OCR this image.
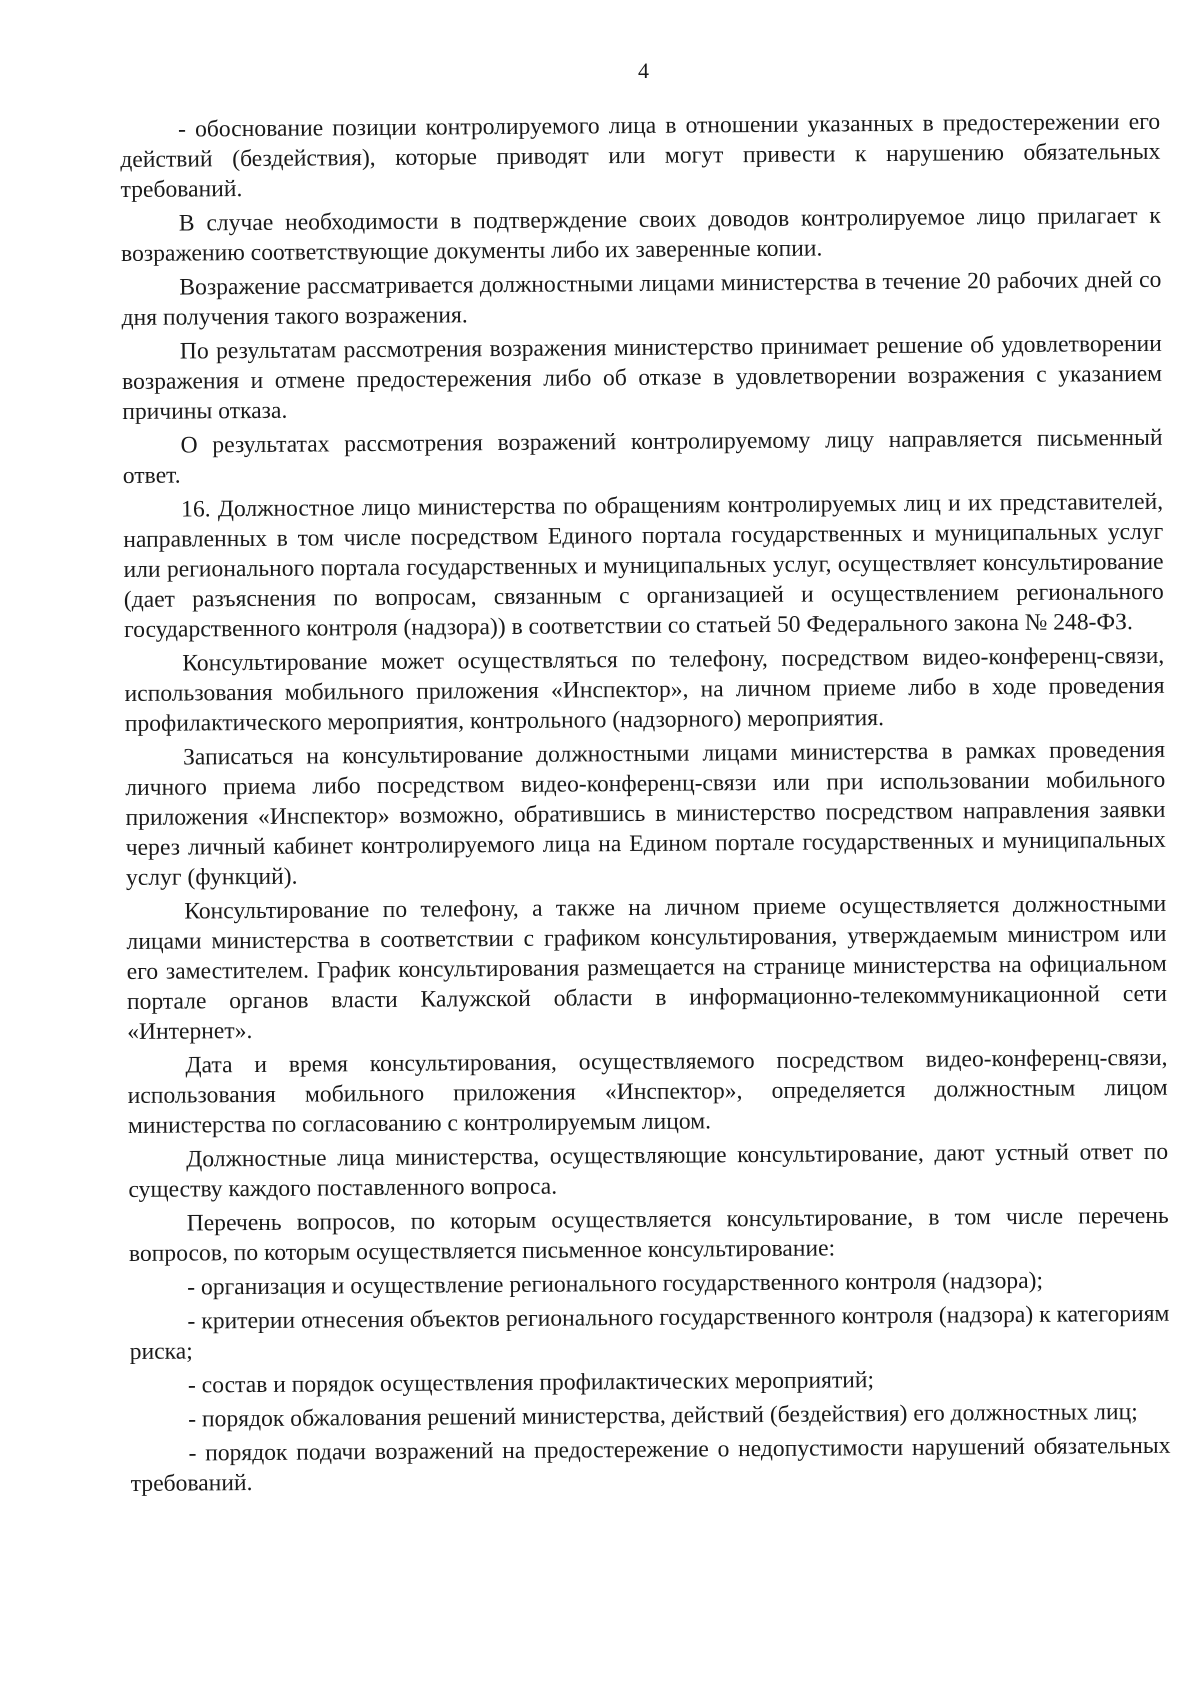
4

- обоснование позиции контролируемого лица в отношении указанных в предостережении его действий (бездействия), которые приводят или могут привести к нарушению обязательных требований.

В случае необходимости в подтверждение своих доводов контролируемое лицо прилагает к возражению соответствующие документы либо их заверенные копии.

Возражение рассматривается должностными лицами министерства в течение 20 рабочих дней со дня получения такого возражения.

По результатам рассмотрения возражения министерство принимает решение об удовлетворении возражения и отмене предостережения либо об отказе в удовлетворении возражения с указанием причины отказа.

О результатах рассмотрения возражений контролируемому лицу направляется письменный ответ.

16. Должностное лицо министерства по обращениям контролируемых лиц и их представителей, направленных в том числе посредством Единого портала государственных и муниципальных услуг или регионального портала государственных и муниципальных услуг, осуществляет консультирование (дает разъяснения по вопросам, связанным с организацией и осуществлением регионального государственного контроля (надзора)) в соответствии со статьей 50 Федерального закона № 248-ФЗ.

Консультирование может осуществляться по телефону, посредством видео-конференц-связи, использования мобильного приложения «Инспектор», на личном приеме либо в ходе проведения профилактического мероприятия, контрольного (надзорного) мероприятия.

Записаться на консультирование должностными лицами министерства в рамках проведения личного приема либо посредством видео-конференц-связи или при использовании мобильного приложения «Инспектор» возможно, обратившись в министерство посредством направления заявки через личный кабинет контролируемого лица на Едином портале государственных и муниципальных услуг (функций).

Консультирование по телефону, а также на личном приеме осуществляется должностными лицами министерства в соответствии с графиком консультирования, утверждаемым министром или его заместителем. График консультирования размещается на странице министерства на официальном портале органов власти Калужской области в информационно-телекоммуникационной сети «Интернет».

Дата и время консультирования, осуществляемого посредством видео-конференц-связи, использования мобильного приложения «Инспектор», определяется должностным лицом министерства по согласованию с контролируемым лицом.

Должностные лица министерства, осуществляющие консультирование, дают устный ответ по существу каждого поставленного вопроса.

Перечень вопросов, по которым осуществляется консультирование, в том числе перечень вопросов, по которым осуществляется письменное консультирование:

- организация и осуществление регионального государственного контроля (надзора);

- критерии отнесения объектов регионального государственного контроля (надзора) к категориям риска;

- состав и порядок осуществления профилактических мероприятий;

- порядок обжалования решений министерства, действий (бездействия) его должностных лиц;

- порядок подачи возражений на предостережение о недопустимости нарушений обязательных требований.
